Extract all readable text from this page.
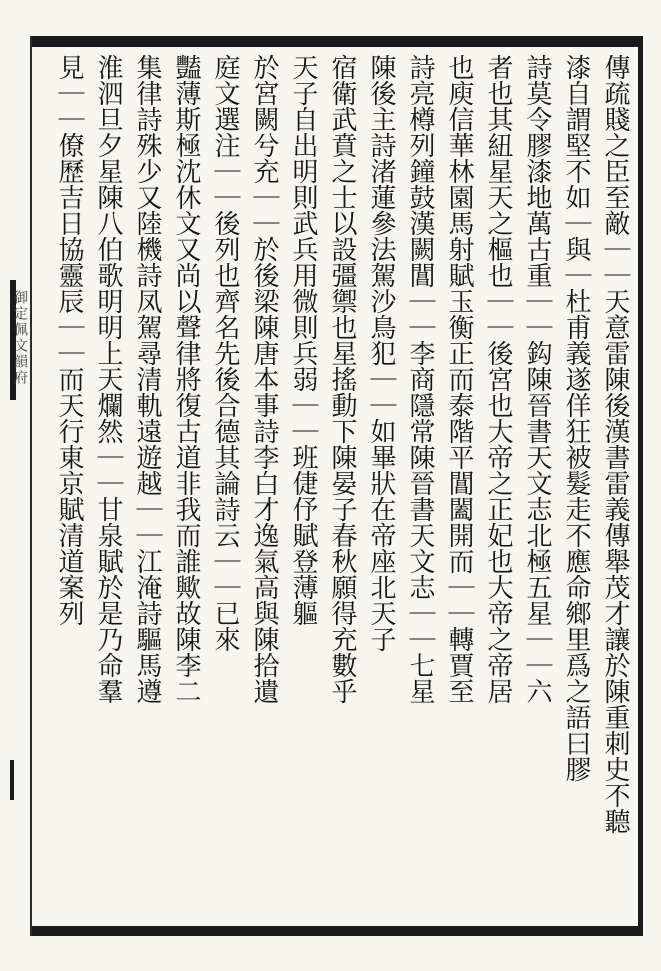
御定佩文韻府	傳疏賤之臣至敵｜｜天意雷陳後漢書雷義傳舉茂才讓於陳重刺史不聽
漆自謂堅不如｜與｜杜甫義遂佯狂被髮走不應命鄉里爲之語曰膠
詩莫令膠漆地萬古重｜｜鈎陳晉書天文志北極五星｜｜六
者也其紐星天之樞也｜｜後宮也大帝之正妃也大帝之帝居
也庾信華林園馬射賦玉衡正而泰階平閶闔開而｜｜轉賈至
詩亮樽列鐘鼓漢闕閶｜｜李商隱常陳晉書天文志｜｜七星
陳後主詩渚蓮參法駕沙鳥犯｜｜如畢狀在帝座北天子
宿衛武賁之士以設彊禦也星搖動下陳晏子春秋願得充數乎
天子自出明則武兵用微則兵弱｜｜班倢伃賦登薄軀
於宮闕兮充｜｜於後梁陳唐本事詩李白才逸氣高與陳拾遺
庭文選注｜｜後列也齊名先後合德其論詩云｜｜已來
豔薄斯極沈休文又尚以聲律將復古道非我而誰歟故陳李二
集律詩殊少又陸機詩凤駕尋清軌遠遊越｜｜江淹詩驅馬遵
淮泗旦夕星陳八伯歌明明上天爛然｜｜甘泉賦於是乃命羣
見｜｜僚歷吉日協靈辰｜｜而天行東京賦清道案列
